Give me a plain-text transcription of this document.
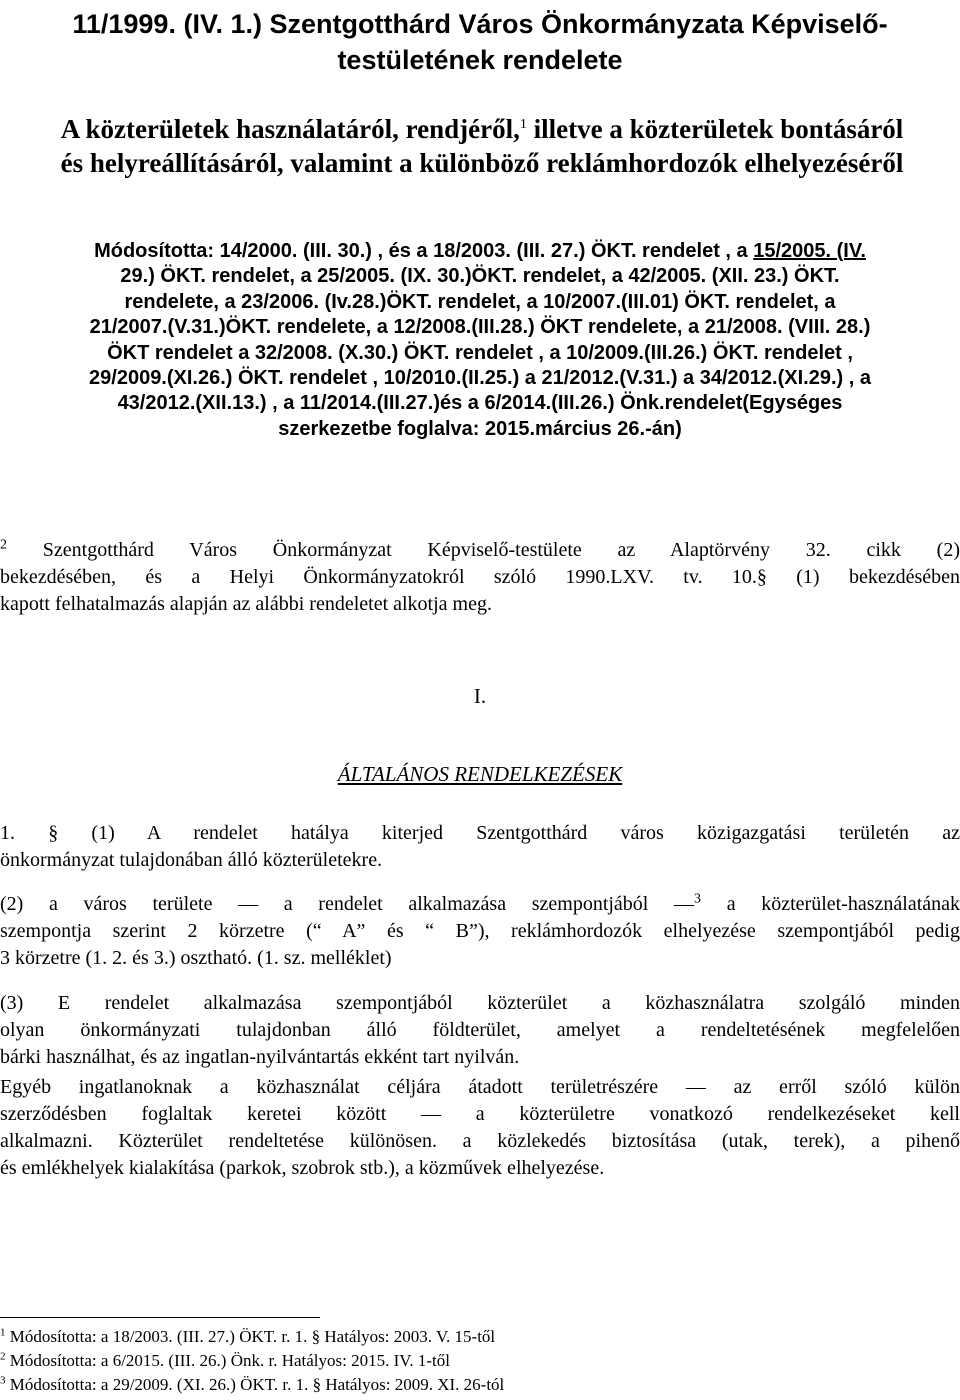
11/1999. (IV. 1.) Szentgotthárd Város Önkormányzata Képviselő-
testületének rendelete
A közterületek használatáról, rendjéről,$^1$ illetve a közterületek bontásáról
és helyreállításáról, valamint a különböző reklámhordozók elhelyezéséről
Módosította: 14/2000. (III. 30.) , és a 18/2003. (III. 27.) ÖKT. rendelet , a 15/2005. (IV.
29.) ÖKT. rendelet, a 25/2005. (IX. 30.)ÖKT. rendelet, a 42/2005. (XII. 23.) ÖKT.
rendelete, a 23/2006. (Iv.28.)ÖKT. rendelet, a 10/2007.(III.01) ÖKT. rendelet, a
21/2007.(V.31.)ÖKT. rendelete, a 12/2008.(III.28.) ÖKT rendelete, a 21/2008. (VIII. 28.)
ÖKT rendelet a 32/2008. (X.30.) ÖKT. rendelet , a 10/2009.(III.26.) ÖKT. rendelet ,
29/2009.(XI.26.) ÖKT. rendelet , 10/2010.(II.25.) a 21/2012.(V.31.) a 34/2012.(XI.29.) , a
43/2012.(XII.13.) , a 11/2014.(III.27.)és a 6/2014.(III.26.) Önk.rendelet(Egységes
szerkezetbe foglalva: 2015.március 26.-án)
$^2$ Szentgotthárd Város Önkormányzat Képviselő-testülete az Alaptörvény 32. cikk (2)
bekezdésében, és a Helyi Önkormányzatokról szóló 1990.LXV. tv. 10.§ (1) bekezdésében
kapott felhatalmazás alapján az alábbi rendeletet alkotja meg.
I.
ÁLTALÁNOS RENDELKEZÉSEK
1. § (1) A rendelet hatálya kiterjed Szentgotthárd város közigazgatási területén az
önkormányzat tulajdonában álló közterületekre.
(2) a város területe — a rendelet alkalmazása szempontjából —$^3$ a közterület-használatának
szempontja szerint 2 körzetre (“ A” és “ B”), reklámhordozók elhelyezése szempontjából pedig
3 körzetre (1. 2. és 3.) osztható. (1. sz. melléklet)
(3) E rendelet alkalmazása szempontjából közterület a közhasználatra szolgáló minden
olyan önkormányzati tulajdonban álló földterület, amelyet a rendeltetésének megfelelően
bárki használhat, és az ingatlan-nyilvántartás ekként tart nyilván.
Egyéb ingatlanoknak a közhasználat céljára átadott területrészére — az erről szóló külön
szerződésben foglaltak keretei között — a közterületre vonatkozó rendelkezéseket kell
alkalmazni. Közterület rendeltetése különösen. a közlekedés biztosítása (utak, terek), a pihenő
és emlékhelyek kialakítása (parkok, szobrok stb.), a közművek elhelyezése.
$^1$ Módosította: a 18/2003. (III. 27.) ÖKT. r. 1. § Hatályos: 2003. V. 15-től
$^2$ Módosította: a 6/2015. (III. 26.) Önk. r. Hatályos: 2015. IV. 1-től
$^3$ Módosította: a 29/2009. (XI. 26.) ÖKT. r. 1. § Hatályos: 2009. XI. 26-tól
